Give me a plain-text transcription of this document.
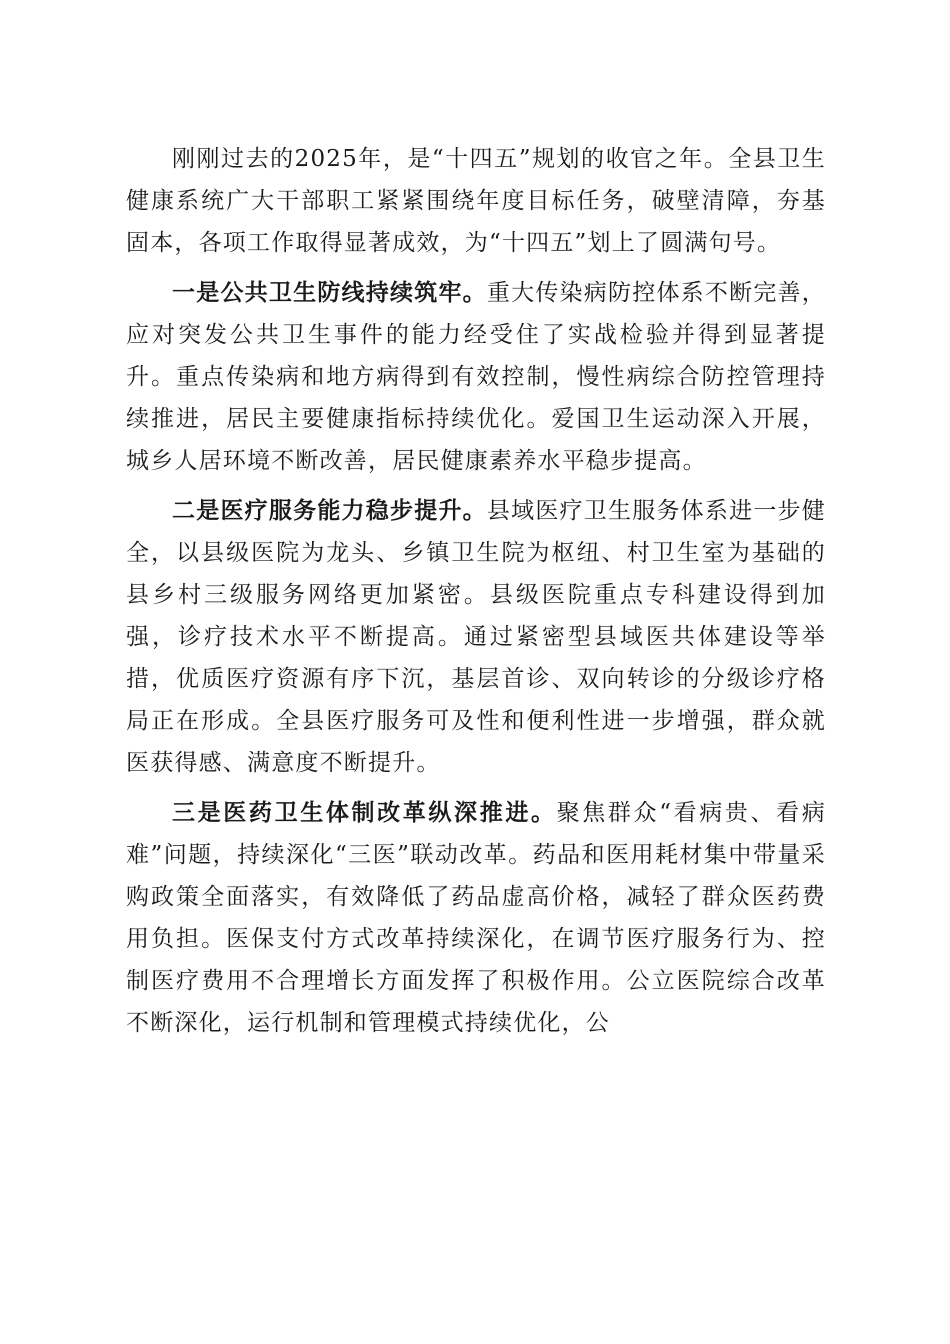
刚刚过去的2025年，是“十四五”规划的收官之年。全县卫生健康系统广大干部职工紧紧围绕年度目标任务，破壁清障，夯基固本，各项工作取得显著成效，为“十四五”划上了圆满句号。

一是公共卫生防线持续筑牢。重大传染病防控体系不断完善，应对突发公共卫生事件的能力经受住了实战检验并得到显著提升。重点传染病和地方病得到有效控制，慢性病综合防控管理持续推进，居民主要健康指标持续优化。爱国卫生运动深入开展，城乡人居环境不断改善，居民健康素养水平稳步提高。

二是医疗服务能力稳步提升。县域医疗卫生服务体系进一步健全，以县级医院为龙头、乡镇卫生院为枢纽、村卫生室为基础的县乡村三级服务网络更加紧密。县级医院重点专科建设得到加强，诊疗技术水平不断提高。通过紧密型县域医共体建设等举措，优质医疗资源有序下沉，基层首诊、双向转诊的分级诊疗格局正在形成。全县医疗服务可及性和便利性进一步增强，群众就医获得感、满意度不断提升。

三是医药卫生体制改革纵深推进。聚焦群众“看病贵、看病难”问题，持续深化“三医”联动改革。药品和医用耗材集中带量采购政策全面落实，有效降低了药品虚高价格，减轻了群众医药费用负担。医保支付方式改革持续深化，在调节医疗服务行为、控制医疗费用不合理增长方面发挥了积极作用。公立医院综合改革不断深化，运行机制和管理模式持续优化，公
